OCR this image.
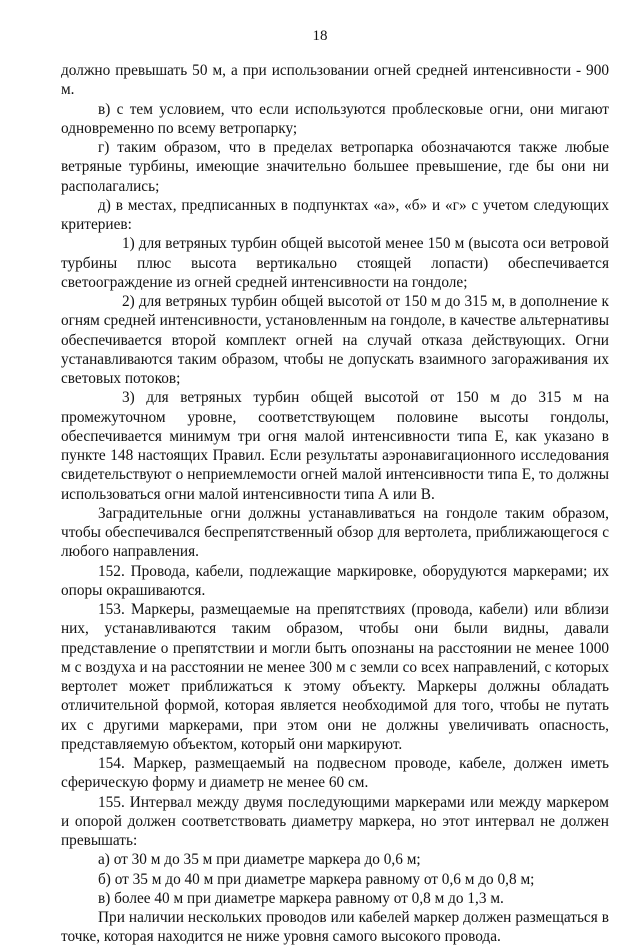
18

должно превышать 50 м, а при использовании огней средней интенсивности - 900 м.

в) с тем условием, что если используются проблесковые огни, они мигают одновременно по всему ветропарку;

г) таким образом, что в пределах ветропарка обозначаются также любые ветряные турбины, имеющие значительно большее превышение, где бы они ни располагались;

д) в местах, предписанных в подпунктах «а», «б» и «г» с учетом следующих критериев:

1) для ветряных турбин общей высотой менее 150 м (высота оси ветровой турбины плюс высота вертикально стоящей лопасти) обеспечивается светоограждение из огней средней интенсивности на гондоле;

2) для ветряных турбин общей высотой от 150 м до 315 м, в дополнение к огням средней интенсивности, установленным на гондоле, в качестве альтернативы обеспечивается второй комплект огней на случай отказа действующих. Огни устанавливаются таким образом, чтобы не допускать взаимного загораживания их световых потоков;

3) для ветряных турбин общей высотой от 150 м до 315 м на промежуточном уровне, соответствующем половине высоты гондолы, обеспечивается минимум три огня малой интенсивности типа Е, как указано в пункте 148 настоящих Правил. Если результаты аэронавигационного исследования свидетельствуют о неприемлемости огней малой интенсивности типа Е, то должны использоваться огни малой интенсивности типа А или В.

Заградительные огни должны устанавливаться на гондоле таким образом, чтобы обеспечивался беспрепятственный обзор для вертолета, приближающегося с любого направления.

152. Провода, кабели, подлежащие маркировке, оборудуются маркерами; их опоры окрашиваются.

153. Маркеры, размещаемые на препятствиях (провода, кабели) или вблизи них, устанавливаются таким образом, чтобы они были видны, давали представление о препятствии и могли быть опознаны на расстоянии не менее 1000 м с воздуха и на расстоянии не менее 300 м с земли со всех направлений, с которых вертолет может приближаться к этому объекту. Маркеры должны обладать отличительной формой, которая является необходимой для того, чтобы не путать их с другими маркерами, при этом они не должны увеличивать опасность, представляемую объектом, который они маркируют.

154. Маркер, размещаемый на подвесном проводе, кабеле, должен иметь сферическую форму и диаметр не менее 60 см.

155. Интервал между двумя последующими маркерами или между маркером и опорой должен соответствовать диаметру маркера, но этот интервал не должен превышать:

а) от 30 м до 35 м при диаметре маркера до 0,6 м;

б) от 35 м до 40 м при диаметре маркера равному от 0,6 м до 0,8 м;

в) более 40 м при диаметре маркера равному от 0,8 м до 1,3 м.

При наличии нескольких проводов или кабелей маркер должен размещаться в точке, которая находится не ниже уровня самого высокого провода.
